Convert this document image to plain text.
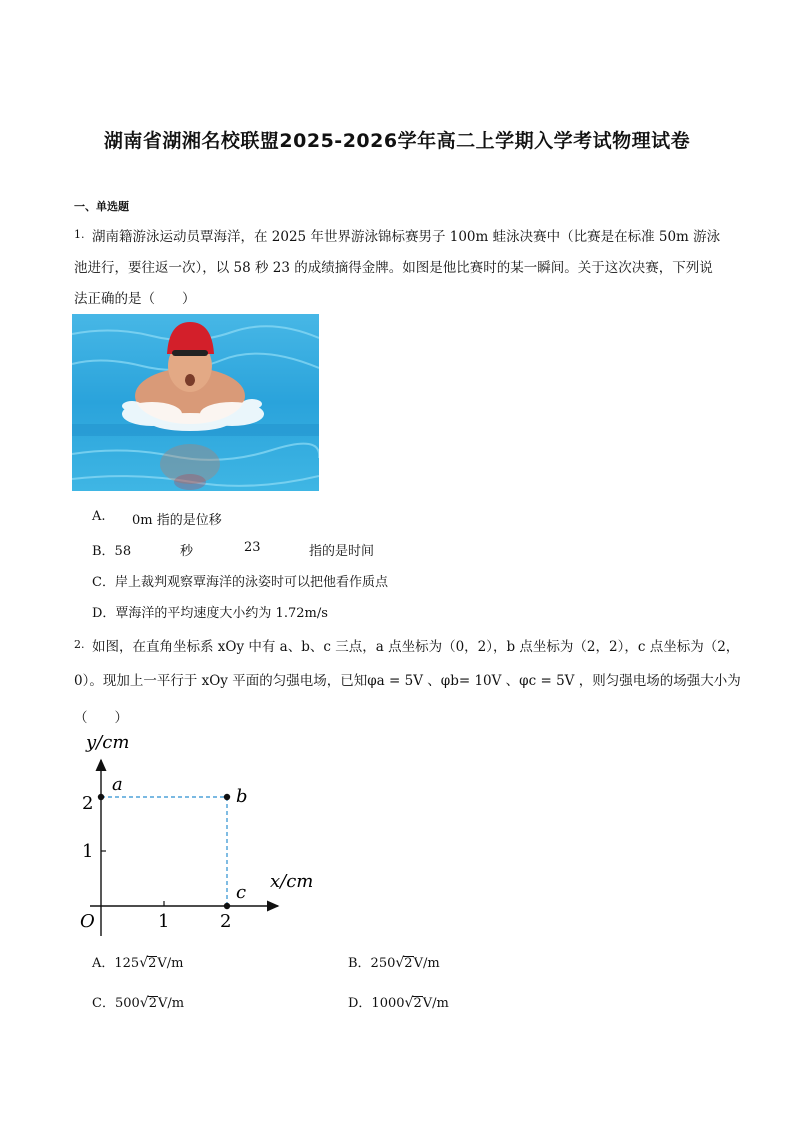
湖南省湖湘名校联盟2025-2026学年高二上学期入学考试物理试卷
一、单选题
1. 湖南籍游泳运动员覃海洋，在 2025 年世界游泳锦标赛男子 100m 蛙泳决赛中（比赛是在标准 50m 游泳
池进行，要往返一次），以 58 秒 23 的成绩摘得金牌。如图是他比赛时的某一瞬间。关于这次决赛，下列说
法正确的是（　　）
A. 0m 指的是位移
B．58	秒	23	指的是时间
C．岸上裁判观察覃海洋的泳姿时可以把他看作质点
D．覃海洋的平均速度大小约为 1.72m/s
2. 如图，在直角坐标系 xOy 中有 a、b、c 三点，a 点坐标为（0，2），b 点坐标为（2，2），c 点坐标为（2，
0）。现加上一平行于 xOy 平面的匀强电场，已知φa = 5V 、φb= 10V 、φc = 5V ，则匀强电场的场强大小为
（　　）
y/cm
x/cm
O	1	2
1
2
a
b
c
A．125√2V/m	B．250√2V/m
C．500√2V/m	D．1000√2V/m
